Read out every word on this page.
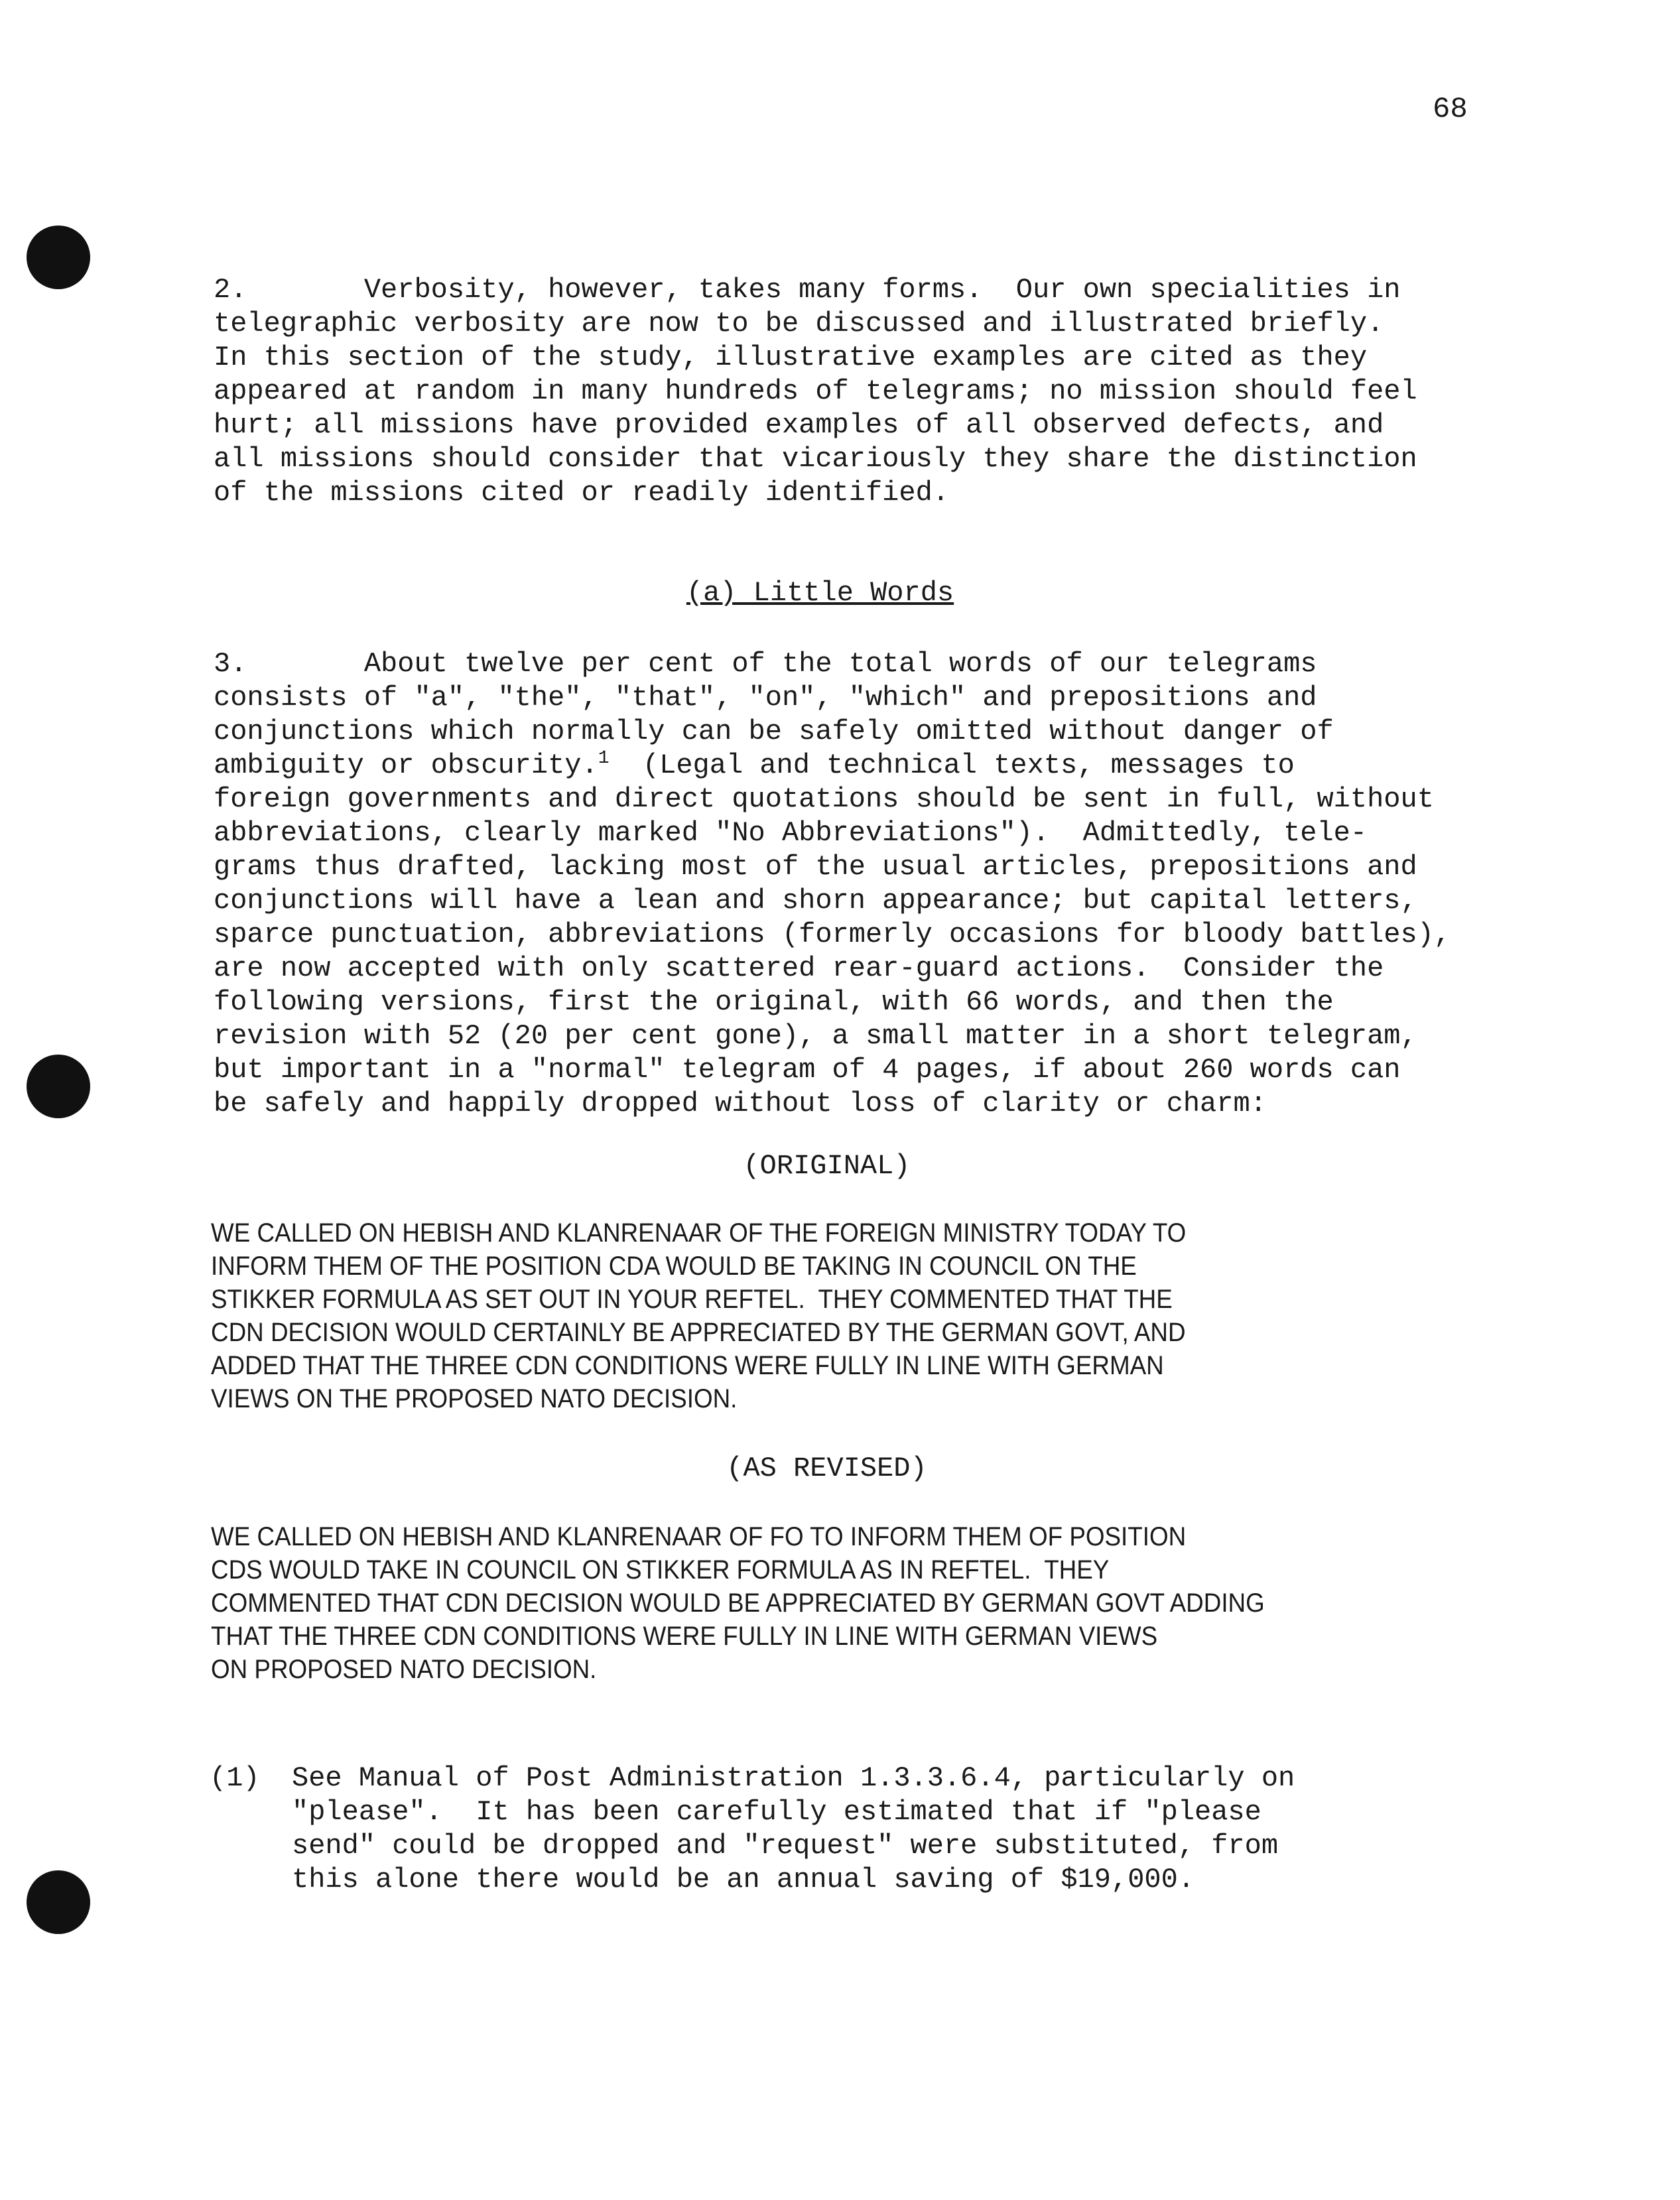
68
2.       Verbosity, however, takes many forms.  Our own specialities in
telegraphic verbosity are now to be discussed and illustrated briefly.
In this section of the study, illustrative examples are cited as they
appeared at random in many hundreds of telegrams; no mission should feel
hurt; all missions have provided examples of all observed defects, and
all missions should consider that vicariously they share the distinction
of the missions cited or readily identified.
(a) Little Words
3.       About twelve per cent of the total words of our telegrams
consists of "a", "the", "that", "on", "which" and prepositions and
conjunctions which normally can be safely omitted without danger of
ambiguity or obscurity.$^1$  (Legal and technical texts, messages to
foreign governments and direct quotations should be sent in full, without
abbreviations, clearly marked "No Abbreviations").  Admittedly, tele-
grams thus drafted, lacking most of the usual articles, prepositions and
conjunctions will have a lean and shorn appearance; but capital letters,
sparce punctuation, abbreviations (formerly occasions for bloody battles),
are now accepted with only scattered rear-guard actions.  Consider the
following versions, first the original, with 66 words, and then the
revision with 52 (20 per cent gone), a small matter in a short telegram,
but important in a "normal" telegram of 4 pages, if about 260 words can
be safely and happily dropped without loss of clarity or charm:
(ORIGINAL)
WE CALLED ON HEBISH AND KLANRENAAR OF THE FOREIGN MINISTRY TODAY TO
INFORM THEM OF THE POSITION CDA WOULD BE TAKING IN COUNCIL ON THE
STIKKER FORMULA AS SET OUT IN YOUR REFTEL.  THEY COMMENTED THAT THE
CDN DECISION WOULD CERTAINLY BE APPRECIATED BY THE GERMAN GOVT, AND
ADDED THAT THE THREE CDN CONDITIONS WERE FULLY IN LINE WITH GERMAN
VIEWS ON THE PROPOSED NATO DECISION.
(AS REVISED)
WE CALLED ON HEBISH AND KLANRENAAR OF FO TO INFORM THEM OF POSITION
CDS WOULD TAKE IN COUNCIL ON STIKKER FORMULA AS IN REFTEL.  THEY
COMMENTED THAT CDN DECISION WOULD BE APPRECIATED BY GERMAN GOVT ADDING
THAT THE THREE CDN CONDITIONS WERE FULLY IN LINE WITH GERMAN VIEWS
ON PROPOSED NATO DECISION.
(1) See Manual of Post Administration 1.3.3.6.4, particularly on
"please".  It has been carefully estimated that if "please
send" could be dropped and "request" were substituted, from
this alone there would be an annual saving of $19,000.
